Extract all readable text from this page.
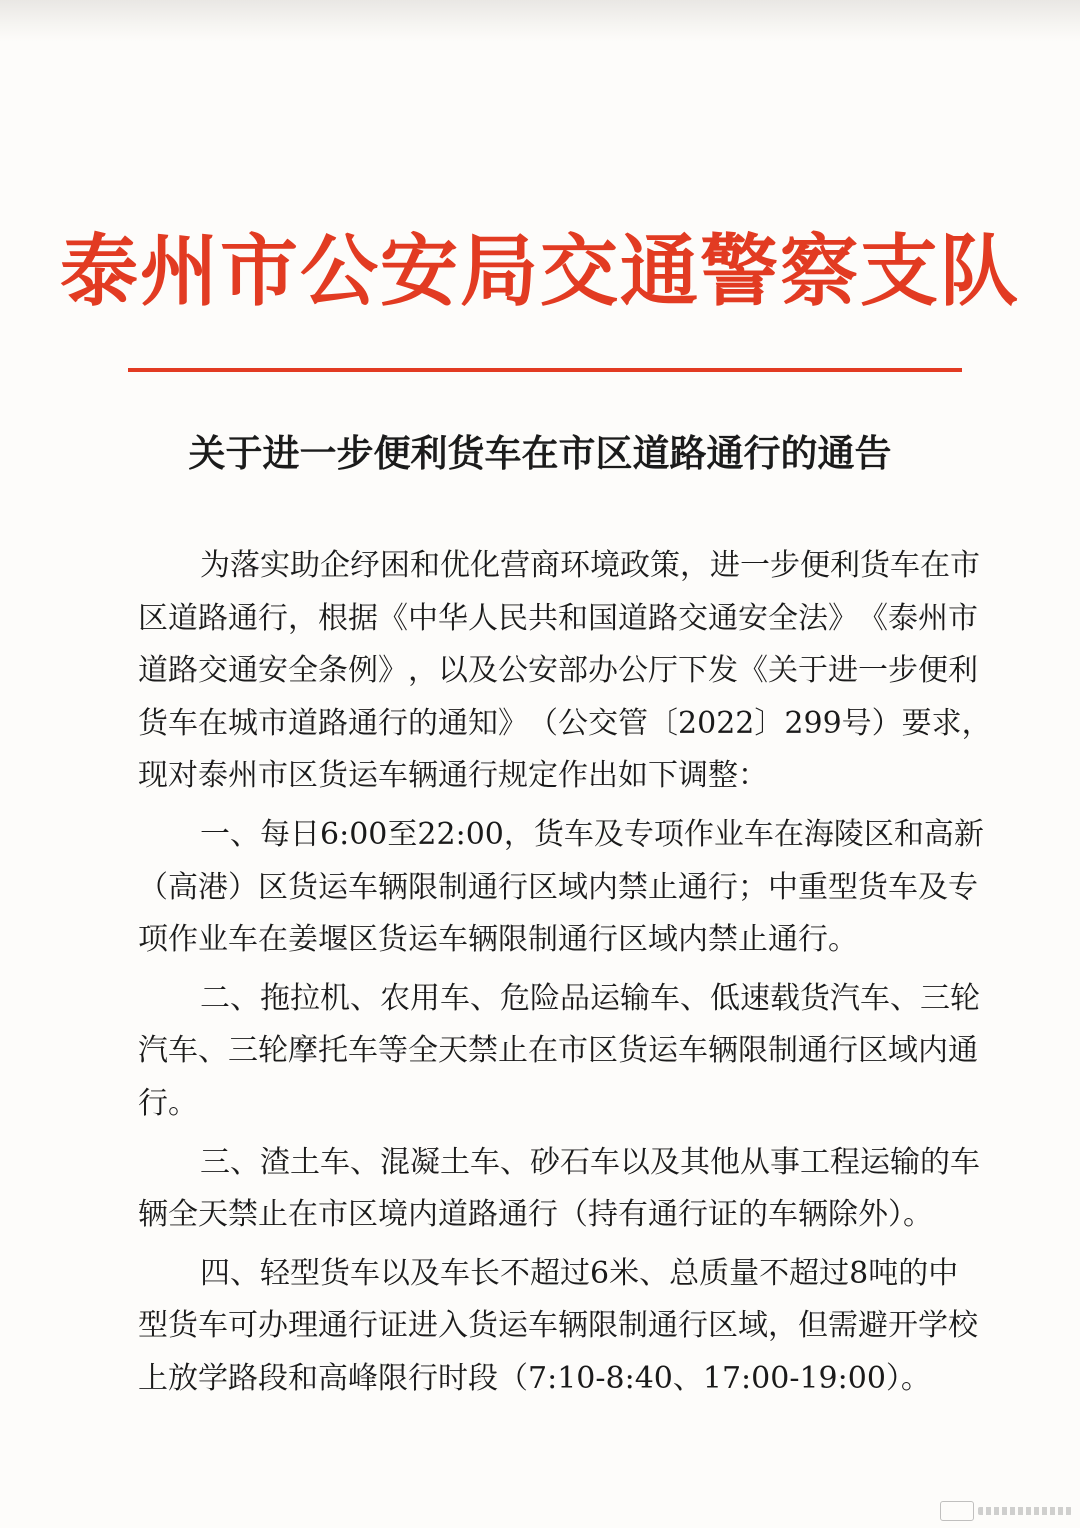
泰州市公安局交通警察支队
关于进一步便利货车在市区道路通行的通告
为 落 实 助 企 纾 困 和 优 化 营 商 环 境 政 策 ， 进 一 步 便 利 货 车 在 市
区 道 路 通 行 ， 根 据 《 中 华 人 民 共 和 国 道 路 交 通 安 全 法 》 《 泰 州 市
道 路 交 通 安 全 条 例 》 ， 以 及 公 安 部 办 公 厅 下 发 《 关 于 进 一 步 便 利
货 车 在 城 市 道 路 通 行 的 通 知 》 （ 公 交 管 〔 2 0 2 2 〕 2 9 9 号 ） 要 求 ，
现对泰州市区货运车辆通行规定作出如下调整：
一 、 每 日 6 : 0 0 至 2 2 : 0 0 ， 货 车 及 专 项 作 业 车 在 海 陵 区 和 高 新
（ 高 港 ） 区 货 运 车 辆 限 制 通 行 区 域 内 禁 止 通 行 ； 中 重 型 货 车 及 专
项作业车在姜堰区货运车辆限制通行区域内禁止通行。
二 、 拖 拉 机 、 农 用 车 、 危 险 品 运 输 车 、 低 速 载 货 汽 车 、 三 轮
汽 车 、 三 轮 摩 托 车 等 全 天 禁 止 在 市 区 货 运 车 辆 限 制 通 行 区 域 内 通
行。
三 、 渣 土 车 、 混 凝 土 车 、 砂 石 车 以 及 其 他 从 事 工 程 运 输 的 车
辆全天禁止在市区境内道路通行（持有通行证的车辆除外）。
四 、 轻 型 货 车 以 及 车 长 不 超 过 6 米 、 总 质 量 不 超 过 8 吨 的 中
型 货 车 可 办 理 通 行 证 进 入 货 运 车 辆 限 制 通 行 区 域 ， 但 需 避 开 学 校
上放学路段和高峰限行时段（7:10-8:40、17:00-19:00）。
